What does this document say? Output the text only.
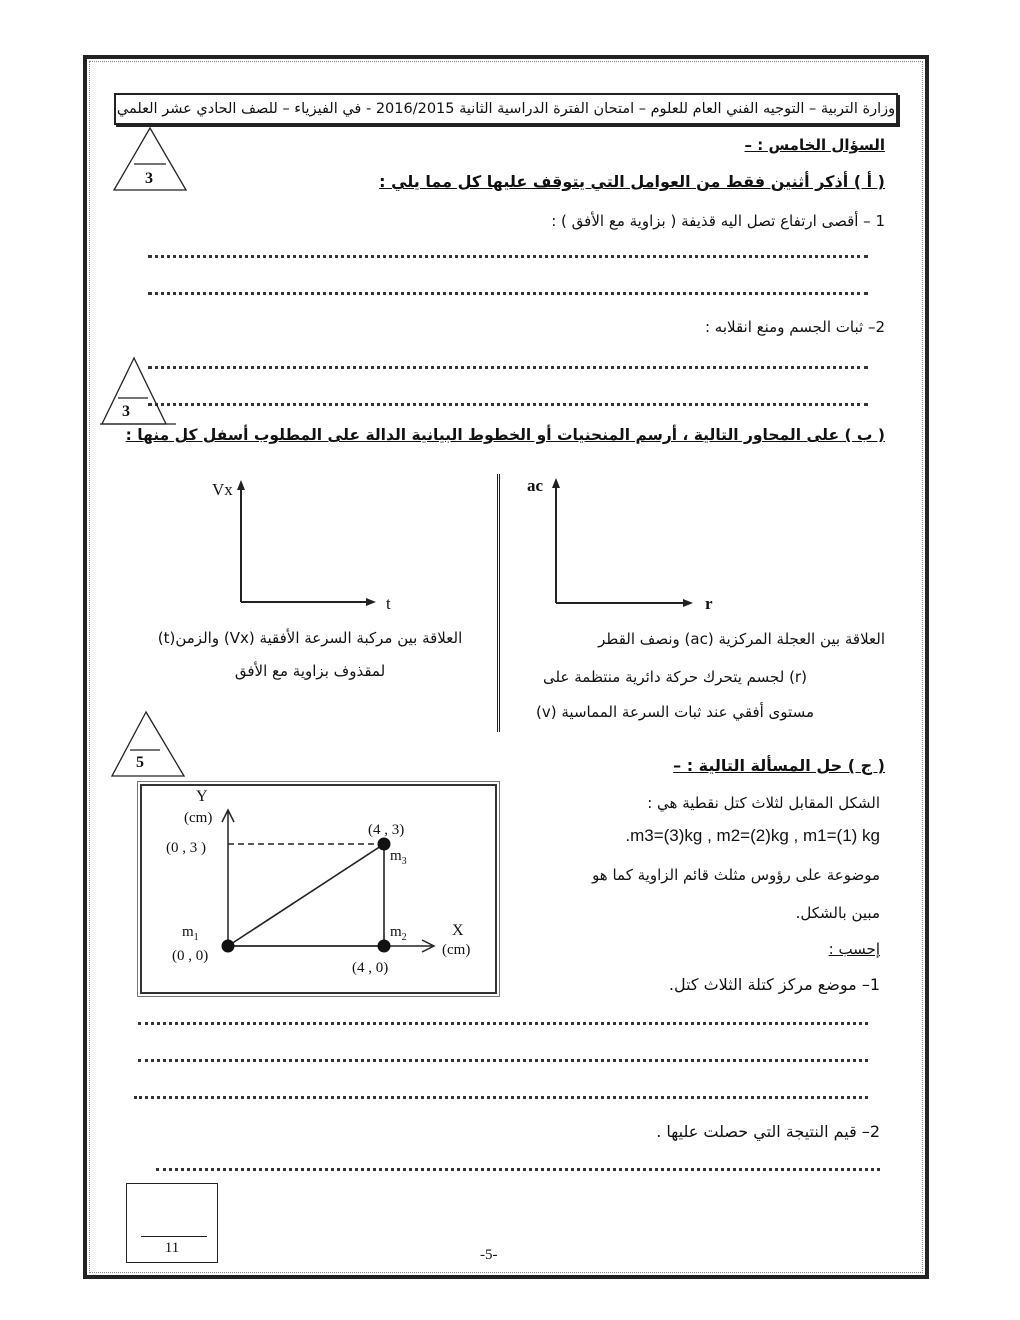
وزارة التربية – التوجيه الفني العام للعلوم – امتحان الفترة الدراسية الثانية 2016/2015 - في الفيزياء – للصف الحادي عشر العلمي
السؤال الخامس : –
3	( أ ) أذكر أثنين فقط من العوامل التي يتوقف عليها كل مما يلي :
1 – أقصى ارتفاع تصل اليه قذيفة ( بزاوية مع الأفق ) :
2– ثبات الجسم ومنع انقلابه :
3
( ب ) على المحاور التالية ، أرسم المنحنيات أو الخطوط البيانية الدالة على المطلوب أسفل كل منها :
Vx
t
العلاقة بين مركبة السرعة الأفقية (Vx) والزمن(t)
لمقذوف بزاوية مع الأفق
ac
r
العلاقة بين العجلة المركزية (ac) ونصف القطر
(r) لجسم يتحرك حركة دائرية منتظمة على
مستوى أفقي عند ثبات السرعة المماسية (v)
5	( ج ) حل المسألة التالية : –
الشكل المقابل لثلاث كتل نقطية هي :
.m3=(3)kg , m2=(2)kg , m1=(1) kg
موضوعة على رؤوس مثلث قائم الزاوية كما هو
مبين بالشكل.
إحسب :
1– موضع مركز كتلة الثلاث كتل.
2– قيم النتيجة التي حصلت عليها .
Y
(cm)
(0 , 3 )
X
(cm)
$m_1$
(0 , 0)
$m_2$
(4 , 0)
$m_3$
(4 , 3)
11	-5-
